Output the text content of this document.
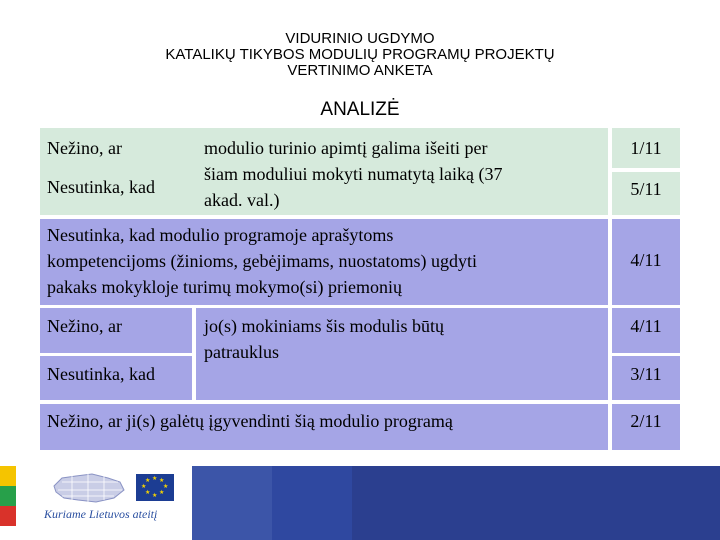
VIDURINIO UGDYMO
KATALIKŲ TIKYBOS MODULIŲ PROGRAMŲ PROJEKTŲ
VERTINIMO ANKETA
ANALIZĖ
Nežino, ar
Nesutinka, kad
modulio turinio apimtį galima išeiti per
šiam moduliui mokyti numatytą laiką (37
akad. val.)
1/11
5/11
Nesutinka, kad modulio programoje aprašytoms
kompetencijoms (žinioms, gebėjimams, nuostatoms) ugdyti
pakaks mokykloje turimų mokymo(si) priemonių
4/11
Nežino, ar
Nesutinka, kad
jo(s) mokiniams šis modulis būtų
patrauklus
4/11
3/11
Nežino, ar ji(s) galėtų įgyvendinti šią modulio programą	2/11
★ ★
★
★
★
★
★
★
Kuriame Lietuvos ateitį
